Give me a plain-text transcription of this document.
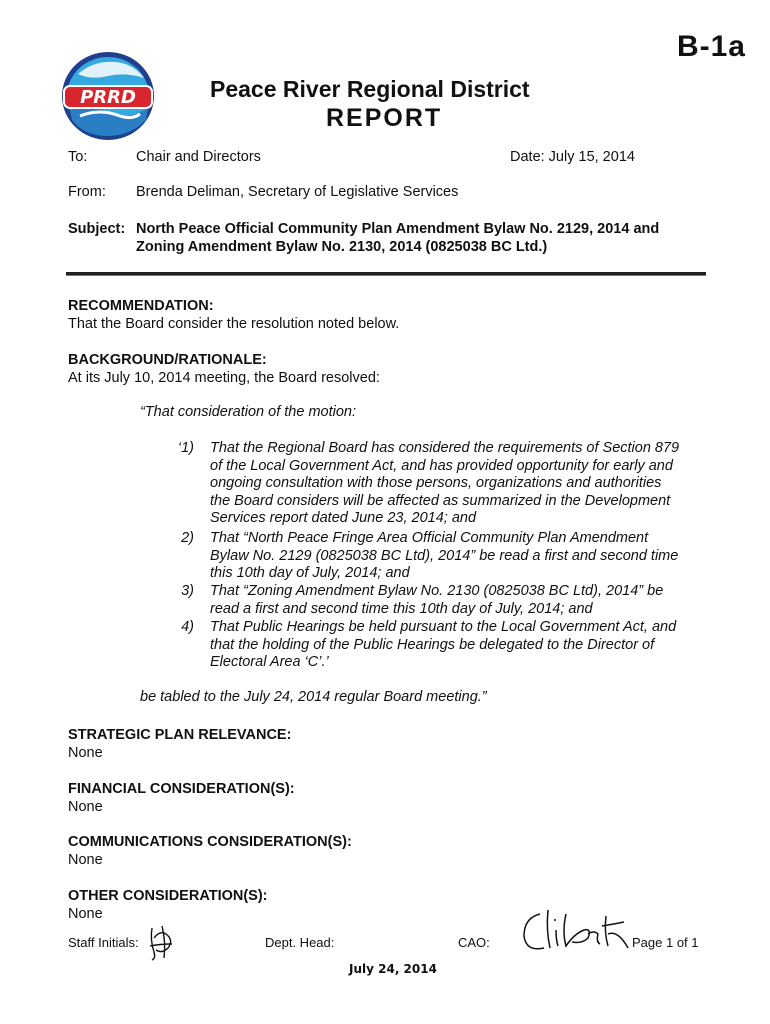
B-1a
PRRD	Peace River Regional District
REPORT
To:	Chair and Directors	Date: July 15, 2014
From: Brenda Deliman, Secretary of Legislative Services
Subject: North Peace Official Community Plan Amendment Bylaw No. 2129, 2014 and
Zoning Amendment Bylaw No. 2130, 2014 (0825038 BC Ltd.)
RECOMMENDATION:
That the Board consider the resolution noted below.
BACKGROUND/RATIONALE:
At its July 10, 2014 meeting, the Board resolved:
“That consideration of the motion:
‘1) That the Regional Board has considered the requirements of Section 879
of the Local Government Act, and has provided opportunity for early and
ongoing consultation with those persons, organizations and authorities
the Board considers will be affected as summarized in the Development
Services report dated June 23, 2014; and
2) That “North Peace Fringe Area Official Community Plan Amendment
Bylaw No. 2129 (0825038 BC Ltd), 2014” be read a first and second time
this 10th day of July, 2014; and
3) That “Zoning Amendment Bylaw No. 2130 (0825038 BC Ltd), 2014” be
read a first and second time this 10th day of July, 2014; and
4) That Public Hearings be held pursuant to the Local Government Act, and
that the holding of the Public Hearings be delegated to the Director of
Electoral Area ‘C’.’
be tabled to the July 24, 2014 regular Board meeting.”
STRATEGIC PLAN RELEVANCE:
None
FINANCIAL CONSIDERATION(S):
None
COMMUNICATIONS CONSIDERATION(S):
None
OTHER CONSIDERATION(S):
None
Staff Initials:	Dept. Head:	CAO:	Page 1 of 1
July 24, 2014
